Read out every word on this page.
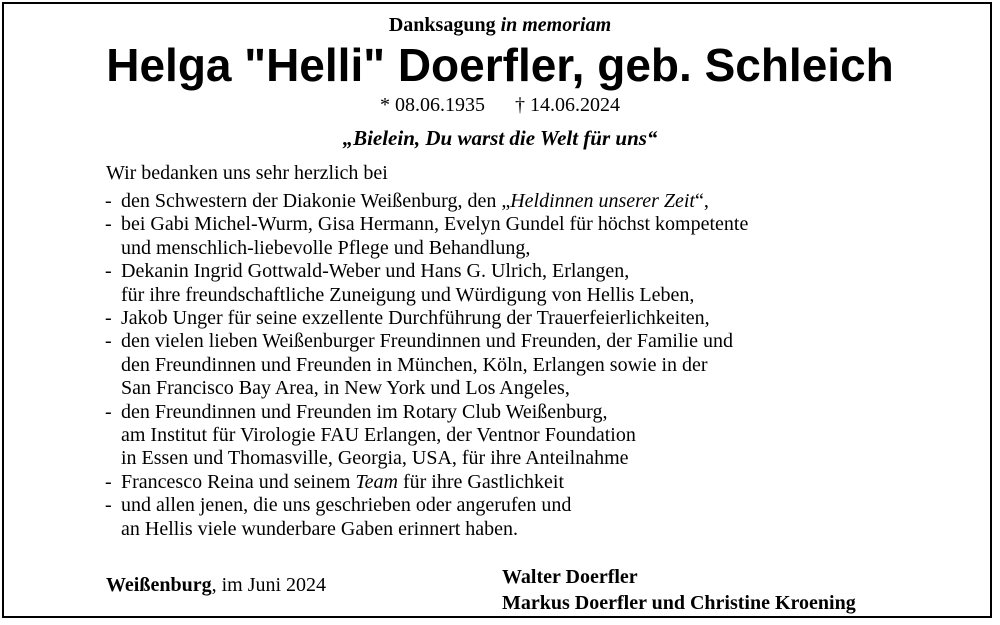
Danksagung in memoriam
Helga "Helli" Doerfler, geb. Schleich
* 08.06.1935 † 14.06.2024
„Bielein, Du warst die Welt für uns“
Wir bedanken uns sehr herzlich bei
- den Schwestern der Diakonie Weißenburg, den „Heldinnen unserer Zeit“,
- bei Gabi Michel-Wurm, Gisa Hermann, Evelyn Gundel für höchst kompetente
und menschlich-liebevolle Pflege und Behandlung,
- Dekanin Ingrid Gottwald-Weber und Hans G. Ulrich, Erlangen,
für ihre freundschaftliche Zuneigung und Würdigung von Hellis Leben,
- Jakob Unger für seine exzellente Durchführung der Trauerfeierlichkeiten,
- den vielen lieben Weißenburger Freundinnen und Freunden, der Familie und
den Freundinnen und Freunden in München, Köln, Erlangen sowie in der
San Francisco Bay Area, in New York und Los Angeles,
- den Freundinnen und Freunden im Rotary Club Weißenburg,
am Institut für Virologie FAU Erlangen, der Ventnor Foundation
in Essen und Thomasville, Georgia, USA, für ihre Anteilnahme
- Francesco Reina und seinem Team für ihre Gastlichkeit
- und allen jenen, die uns geschrieben oder angerufen und
an Hellis viele wunderbare Gaben erinnert haben.
Weißenburg, im Juni 2024	Walter Doerfler
Markus Doerfler und Christine Kroening
